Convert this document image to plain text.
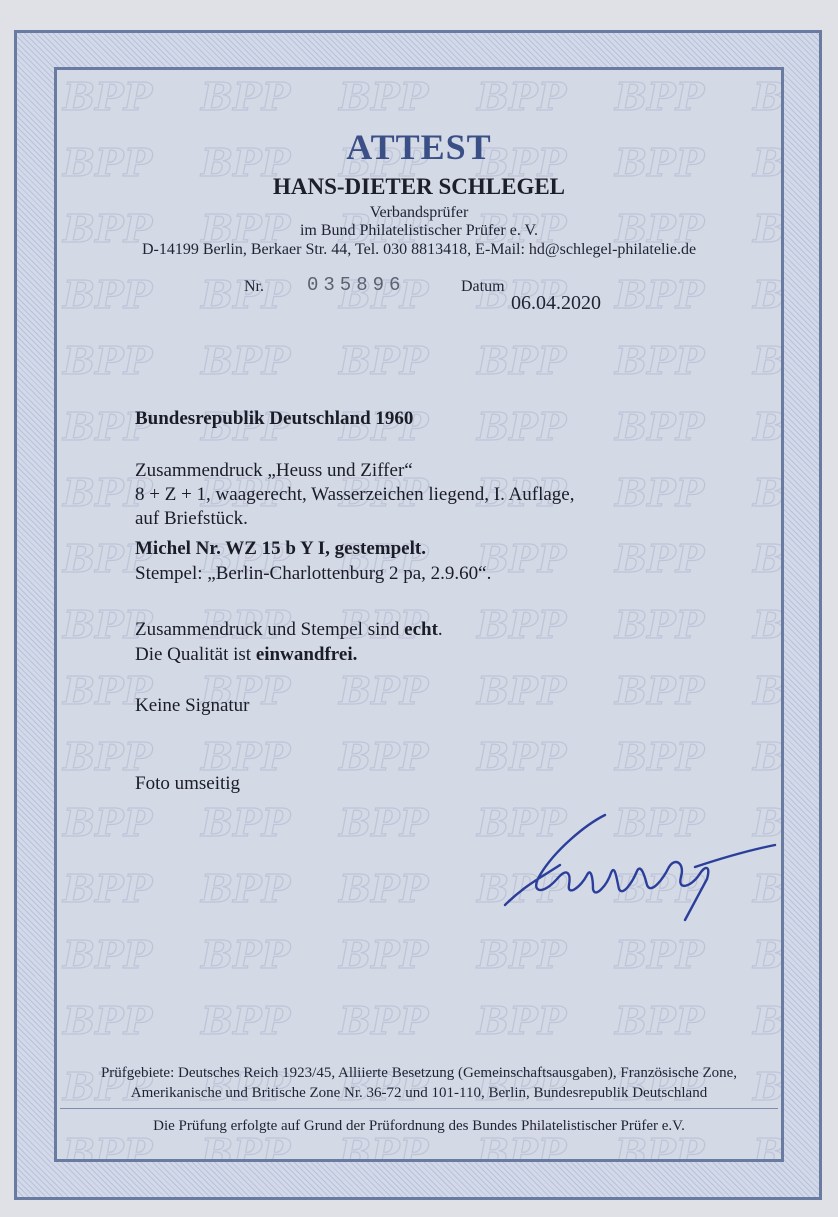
ATTEST
HANS-DIETER SCHLEGEL
Verbandsprüfer
im Bund Philatelistischer Prüfer e. V.
D-14199 Berlin, Berkaer Str. 44, Tel. 030 8813418, E-Mail: hd@schlegel-philatelie.de
Nr. 035896	Datum
06.04.2020
Bundesrepublik Deutschland 1960
Zusammendruck „Heuss und Ziffer“
8 + Z + 1, waagerecht, Wasserzeichen liegend, I. Auflage,
auf Briefstück.
Michel Nr. WZ 15 b Y I, gestempelt.
Stempel: „Berlin-Charlottenburg 2 pa, 2.9.60“.
Zusammendruck und Stempel sind echt.
Die Qualität ist einwandfrei.
Keine Signatur
Foto umseitig
Prüfgebiete: Deutsches Reich 1923/45, Alliierte Besetzung (Gemeinschaftsausgaben), Französische Zone,
Amerikanische und Britische Zone Nr. 36-72 und 101-110, Berlin, Bundesrepublik Deutschland
Die Prüfung erfolgte auf Grund der Prüfordnung des Bundes Philatelistischer Prüfer e.V.
